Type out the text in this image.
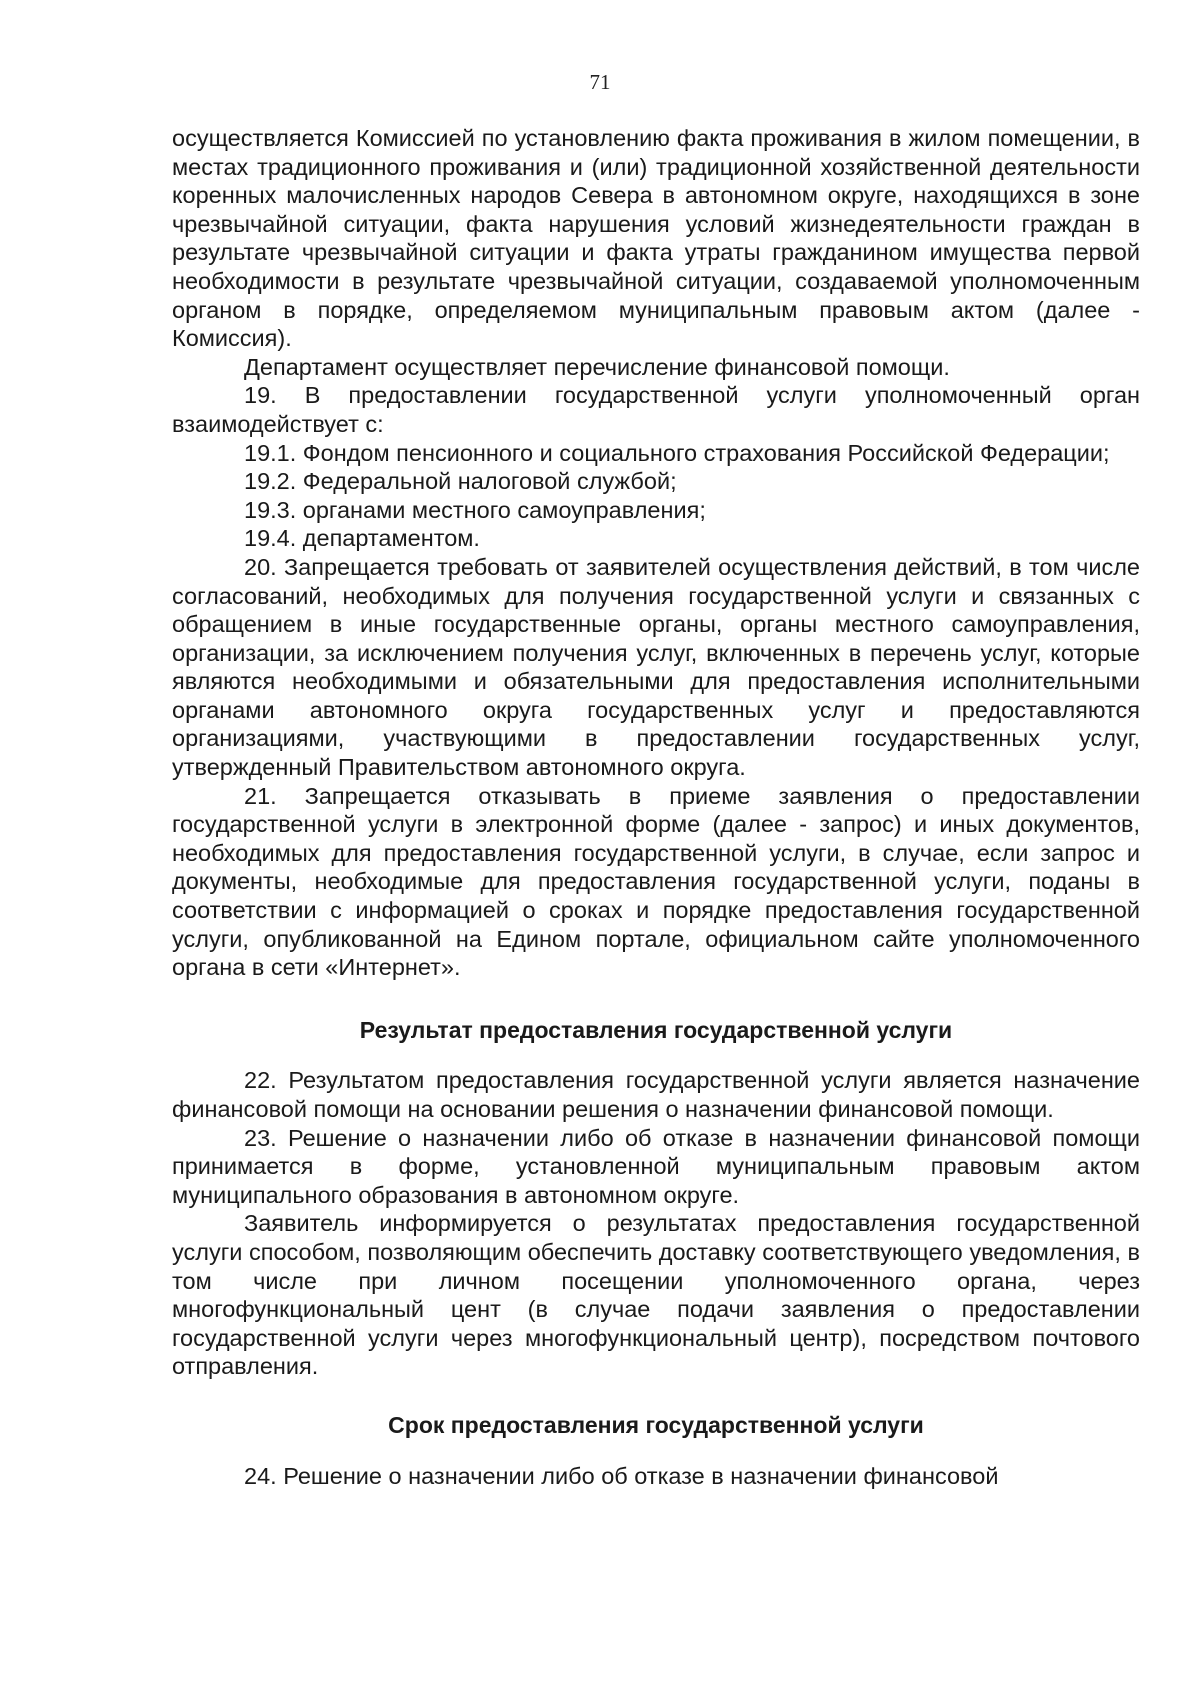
71

осуществляется Комиссией по установлению факта проживания в жилом помещении, в местах традиционного проживания и (или) традиционной хозяйственной деятельности коренных малочисленных народов Севера в автономном округе, находящихся в зоне чрезвычайной ситуации, факта нарушения условий жизнедеятельности граждан в результате чрезвычайной ситуации и факта утраты гражданином имущества первой необходимости в результате чрезвычайной ситуации, создаваемой уполномоченным органом в порядке, определяемом муниципальным правовым актом (далее - Комиссия).

Департамент осуществляет перечисление финансовой помощи.

19. В предоставлении государственной услуги уполномоченный орган взаимодействует с:

19.1. Фондом пенсионного и социального страхования Российской Федерации;

19.2. Федеральной налоговой службой;

19.3. органами местного самоуправления;

19.4. департаментом.

20. Запрещается требовать от заявителей осуществления действий, в том числе согласований, необходимых для получения государственной услуги и связанных с обращением в иные государственные органы, органы местного самоуправления, организации, за исключением получения услуг, включенных в перечень услуг, которые являются необходимыми и обязательными для предоставления исполнительными органами автономного округа государственных услуг и предоставляются организациями, участвующими в предоставлении государственных услуг, утвержденный Правительством автономного округа.

21. Запрещается отказывать в приеме заявления о предоставлении государственной услуги в электронной форме (далее - запрос) и иных документов, необходимых для предоставления государственной услуги, в случае, если запрос и документы, необходимые для предоставления государственной услуги, поданы в соответствии с информацией о сроках и порядке предоставления государственной услуги, опубликованной на Едином портале, официальном сайте уполномоченного органа в сети «Интернет».

Результат предоставления государственной услуги

22. Результатом предоставления государственной услуги является назначение финансовой помощи на основании решения о назначении финансовой помощи.

23. Решение о назначении либо об отказе в назначении финансовой помощи принимается в форме, установленной муниципальным правовым актом муниципального образования в автономном округе.

Заявитель информируется о результатах предоставления государственной услуги способом, позволяющим обеспечить доставку соответствующего уведомления, в том числе при личном посещении уполномоченного органа, через многофункциональный цент (в случае подачи заявления о предоставлении государственной услуги через многофункциональный центр), посредством почтового отправления.

Срок предоставления государственной услуги

24. Решение о назначении либо об отказе в назначении финансовой
